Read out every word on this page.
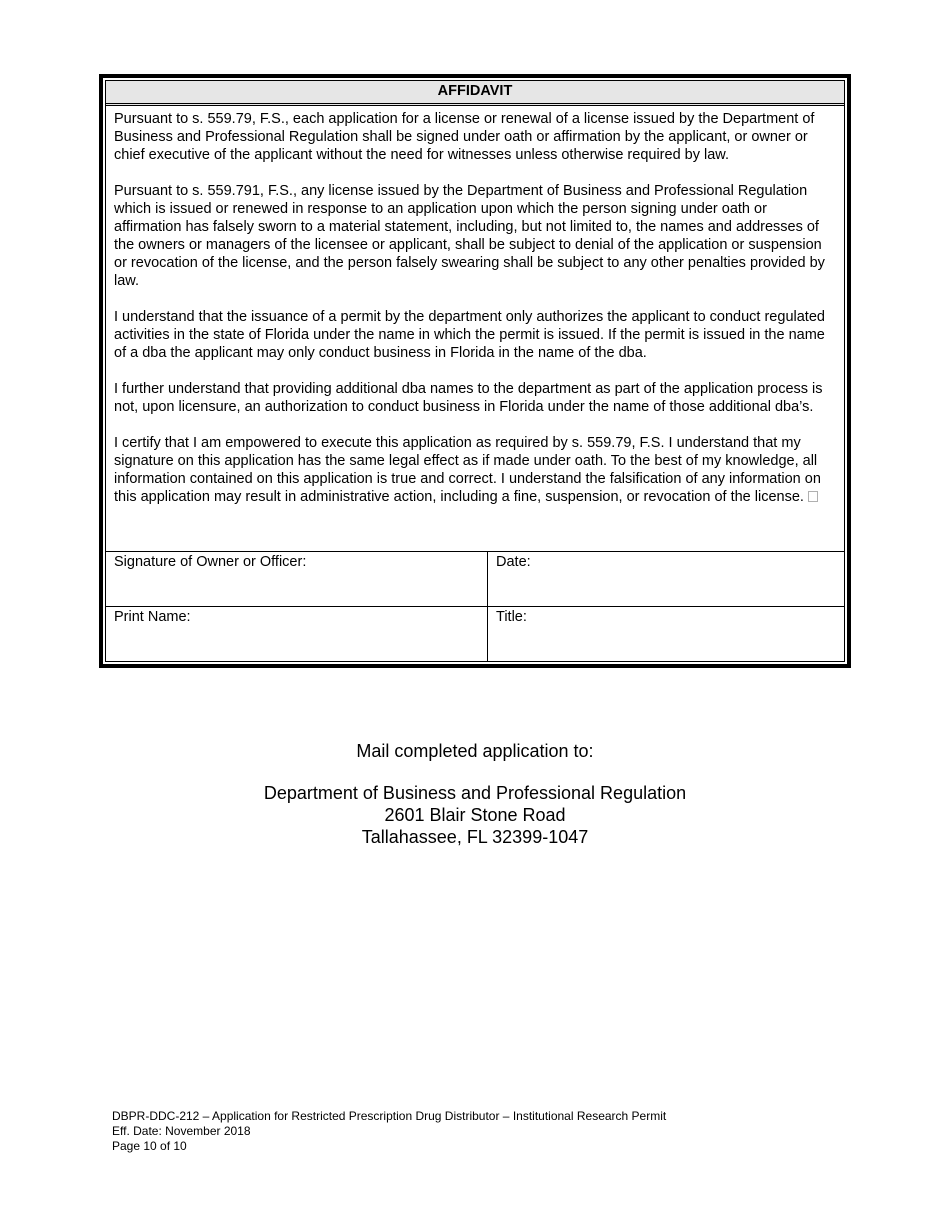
AFFIDAVIT

Pursuant to s. 559.79, F.S., each application for a license or renewal of a license issued by the Department of Business and Professional Regulation shall be signed under oath or affirmation by the applicant, or owner or chief executive of the applicant without the need for witnesses unless otherwise required by law.

Pursuant to s. 559.791, F.S., any license issued by the Department of Business and Professional Regulation which is issued or renewed in response to an application upon which the person signing under oath or affirmation has falsely sworn to a material statement, including, but not limited to, the names and addresses of the owners or managers of the licensee or applicant, shall be subject to denial of the application or suspension or revocation of the license, and the person falsely swearing shall be subject to any other penalties provided by law.

I understand that the issuance of a permit by the department only authorizes the applicant to conduct regulated activities in the state of Florida under the name in which the permit is issued. If the permit is issued in the name of a dba the applicant may only conduct business in Florida in the name of the dba.

I further understand that providing additional dba names to the department as part of the application process is not, upon licensure, an authorization to conduct business in Florida under the name of those additional dba’s.

I certify that I am empowered to execute this application as required by s. 559.79, F.S. I understand that my signature on this application has the same legal effect as if made under oath. To the best of my knowledge, all information contained on this application is true and correct. I understand the falsification of any information on this application may result in administrative action, including a fine, suspension, or revocation of the license.

Signature of Owner or Officer:	Date:
Print Name:	Title:
Mail completed application to:
Department of Business and Professional Regulation
2601 Blair Stone Road
Tallahassee, FL 32399-1047
DBPR-DDC-212 – Application for Restricted Prescription Drug Distributor – Institutional Research Permit
Eff. Date: November 2018
Page 10 of 10
